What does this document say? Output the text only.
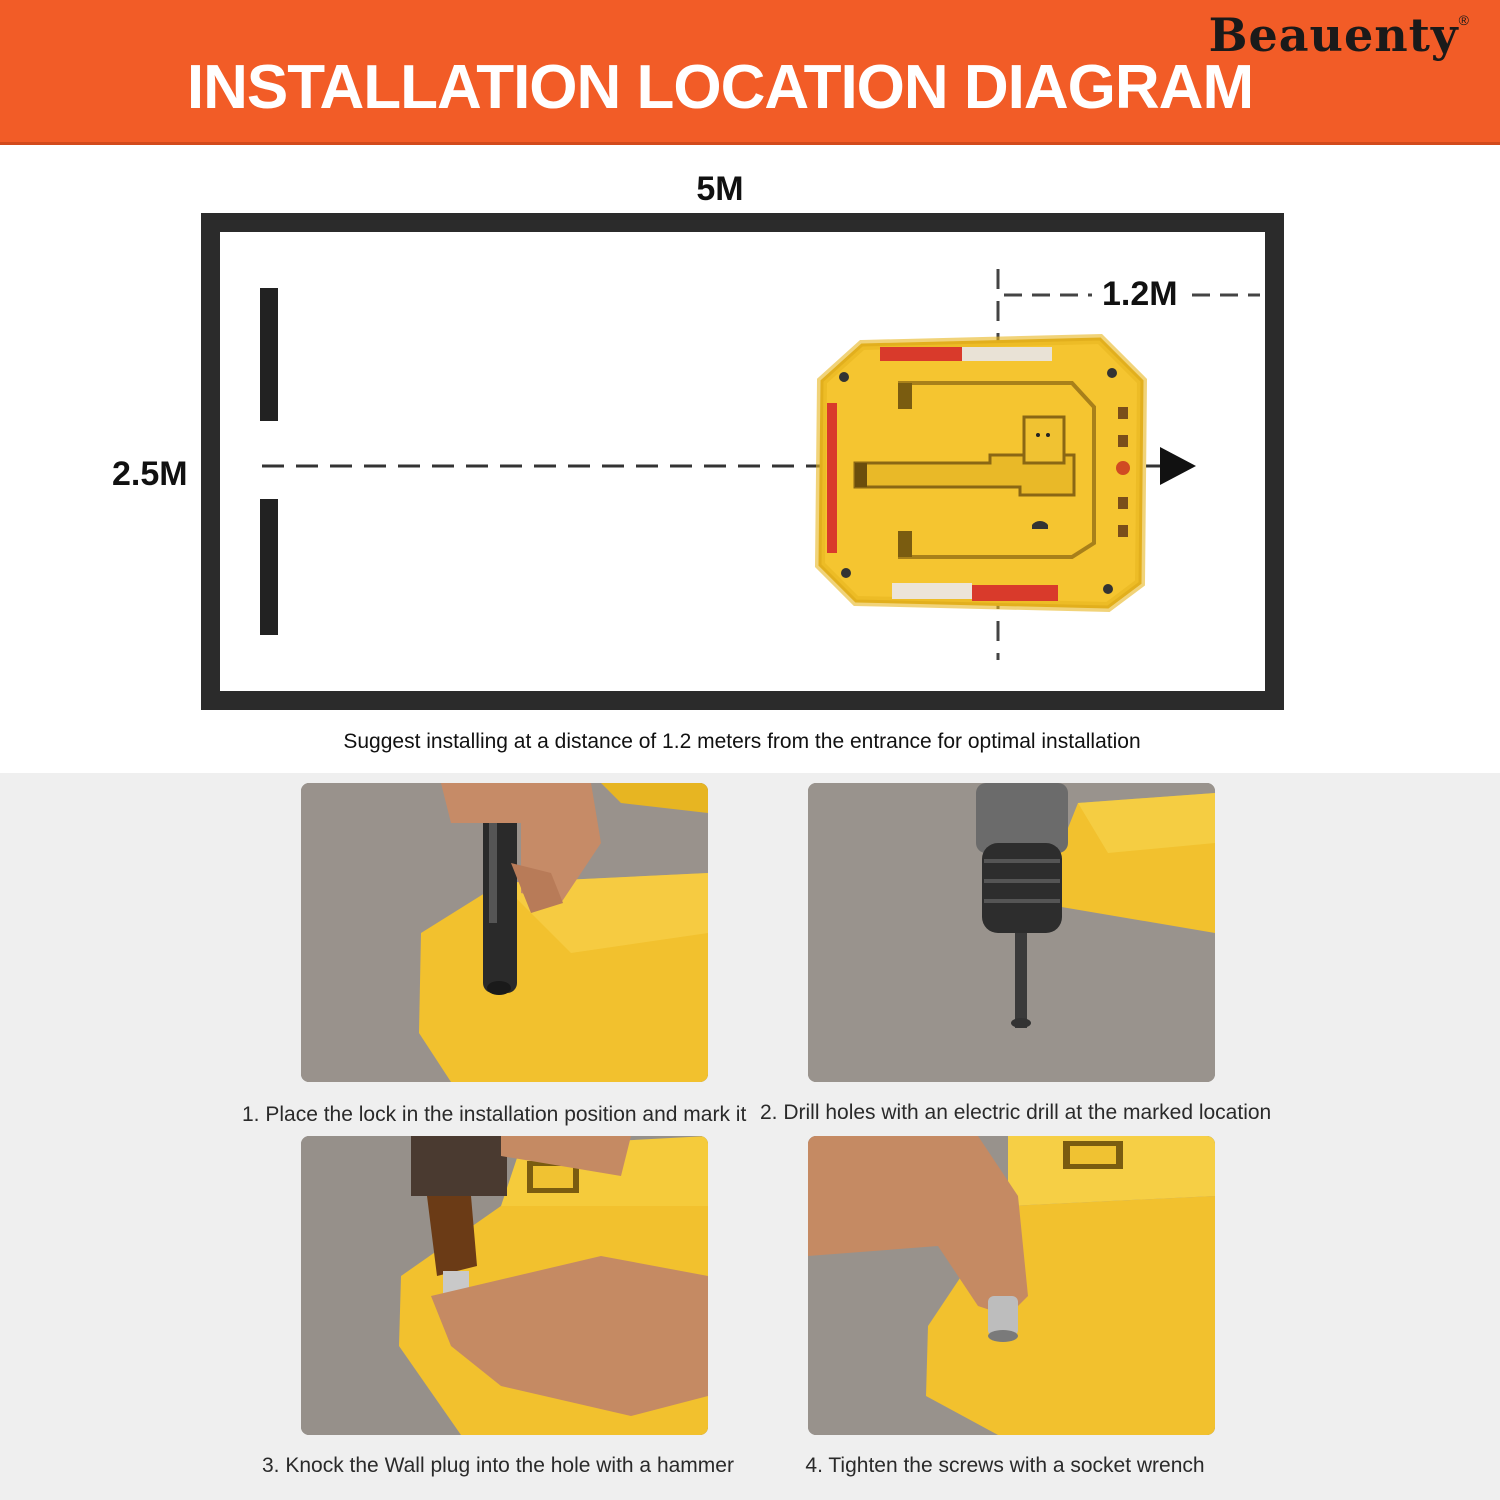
INSTALLATION LOCATION DIAGRAM
Beauenty®
5M
2.5M
1.2M
Suggest installing at a distance of 1.2 meters from the entrance for optimal installation
1. Place the lock in the installation position and mark it 2. Drill holes with an electric drill at the marked location
3. Knock the Wall plug into the hole with a hammer	4. Tighten the screws with a socket wrench
